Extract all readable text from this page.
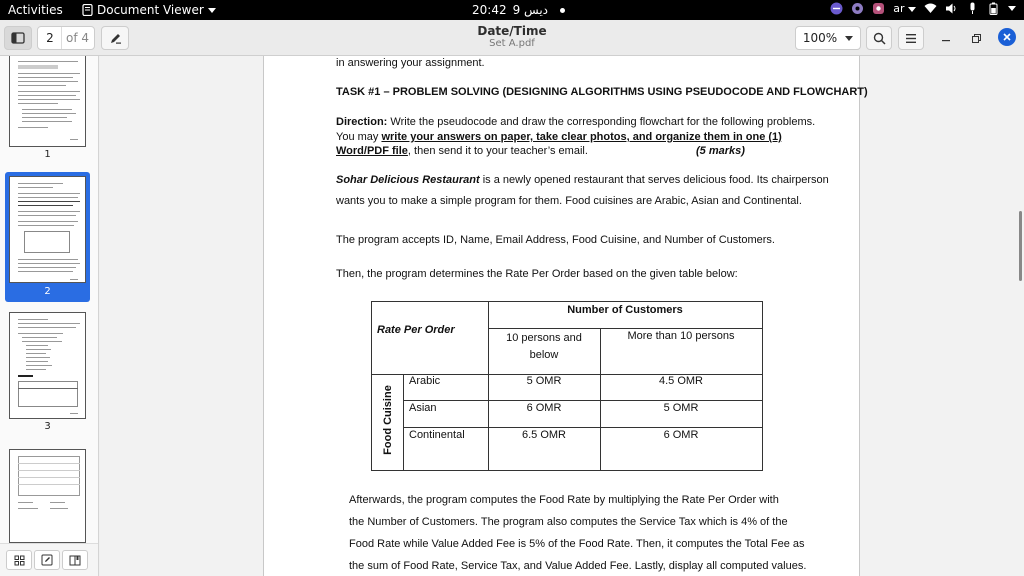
Activities	Document Viewer	20:42 9 ديس	ar
2	of 4	Date/Time
Set A.pdf	100%
1
2
3
in answering your assignment.
TASK #1 – PROBLEM SOLVING (DESIGNING ALGORITHMS USING PSEUDOCODE AND FLOWCHART)
Direction: Write the pseudocode and draw the corresponding flowchart for the following problems.
You may write your answers on paper, take clear photos, and organize them in one (1)
Word/PDF file, then send it to your teacher’s email.	(5 marks)
Sohar Delicious Restaurant is a newly opened restaurant that serves delicious food. Its chairperson
wants you to make a simple program for them. Food cuisines are Arabic, Asian and Continental.
The program accepts ID, Name, Email Address, Food Cuisine, and Number of Customers.
Then, the program determines the Rate Per Order based on the given table below:
Rate Per Order
Number of Customers
10 persons and
below
More than 10 persons
Food Cuisine
Arabic	5 OMR	4.5 OMR
Asian	6 OMR	5 OMR
Continental	6.5 OMR	6 OMR
Afterwards, the program computes the Food Rate by multiplying the Rate Per Order with
the Number of Customers. The program also computes the Service Tax which is 4% of the
Food Rate while Value Added Fee is 5% of the Food Rate. Then, it computes the Total Fee as
the sum of Food Rate, Service Tax, and Value Added Fee. Lastly, display all computed values.
